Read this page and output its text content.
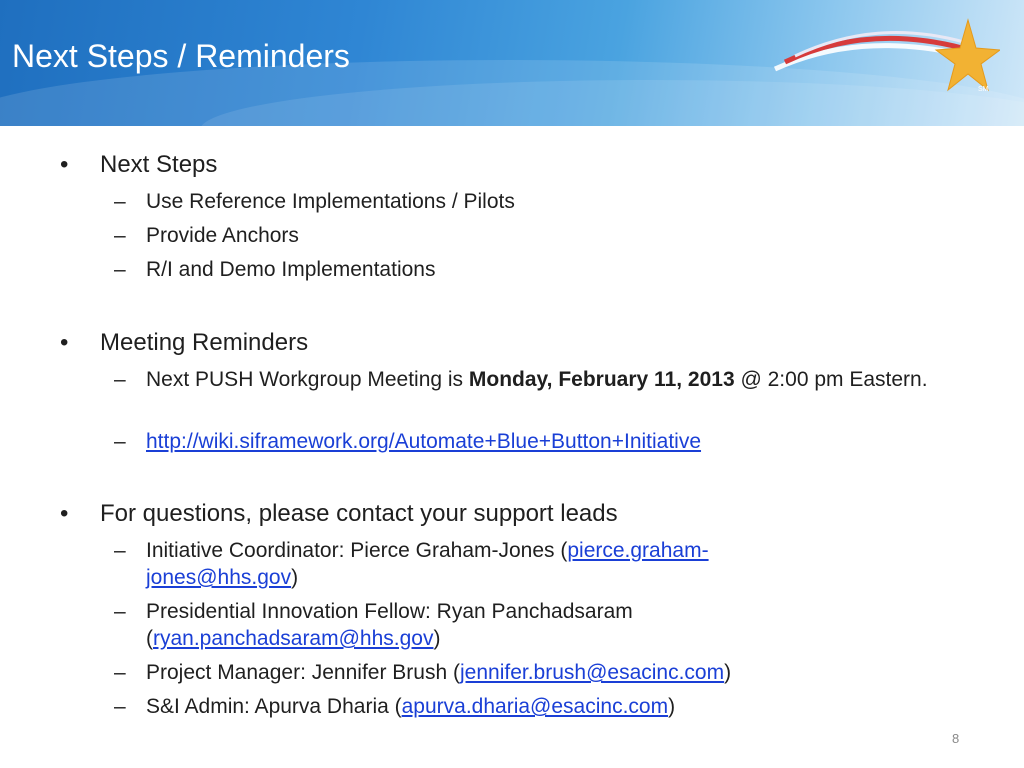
Next Steps / Reminders
SM
• Next Steps
– Use Reference Implementations / Pilots
– Provide Anchors
– R/I and Demo Implementations
• Meeting Reminders
– Next PUSH Workgroup Meeting is Monday, February 11, 2013 @ 2:00 pm Eastern.
– http://wiki.siframework.org/Automate+Blue+Button+Initiative
• For questions, please contact your support leads
– Initiative Coordinator: Pierce Graham-Jones (pierce.graham-jones@hhs.gov)
– Presidential Innovation Fellow: Ryan Panchadsaram (ryan.panchadsaram@hhs.gov)
– Project Manager: Jennifer Brush (jennifer.brush@esacinc.com)
– S&I Admin: Apurva Dharia (apurva.dharia@esacinc.com)
8
